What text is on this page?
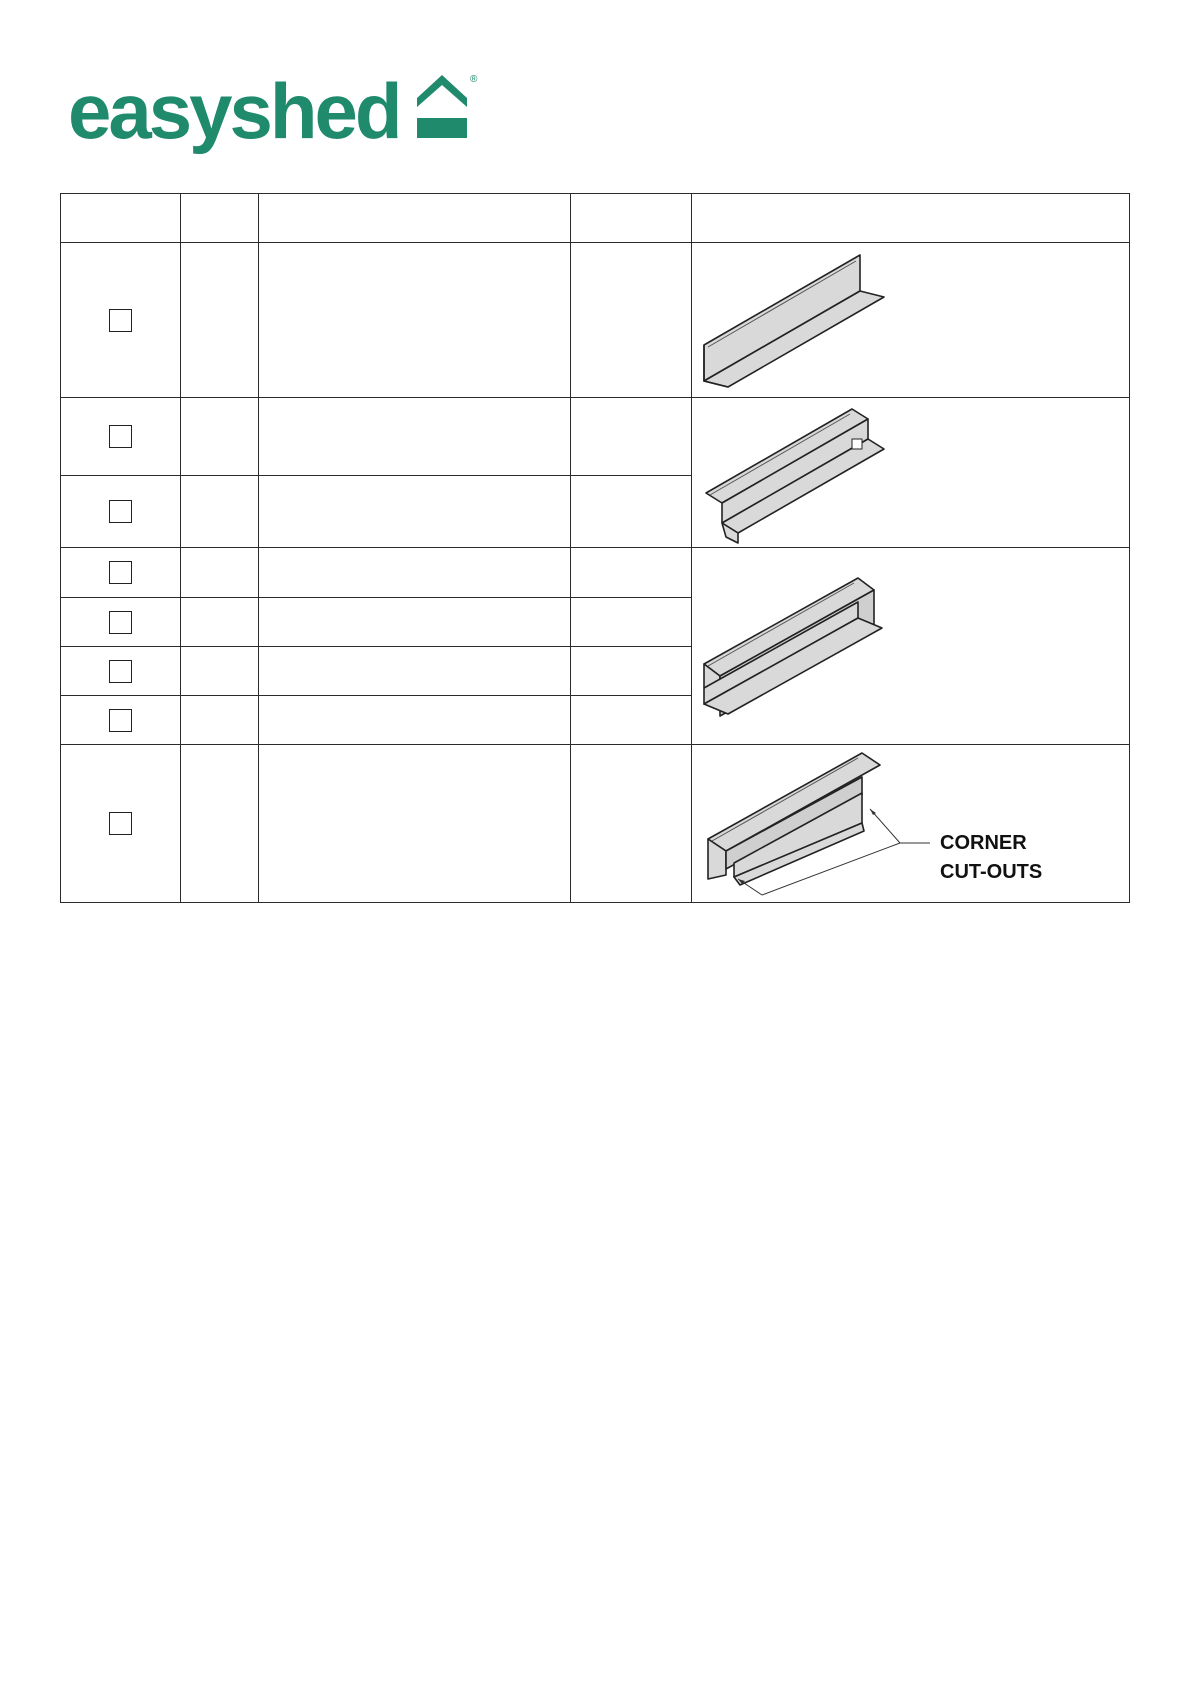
easyshed	®

				CORNER
CUT-OUTS
